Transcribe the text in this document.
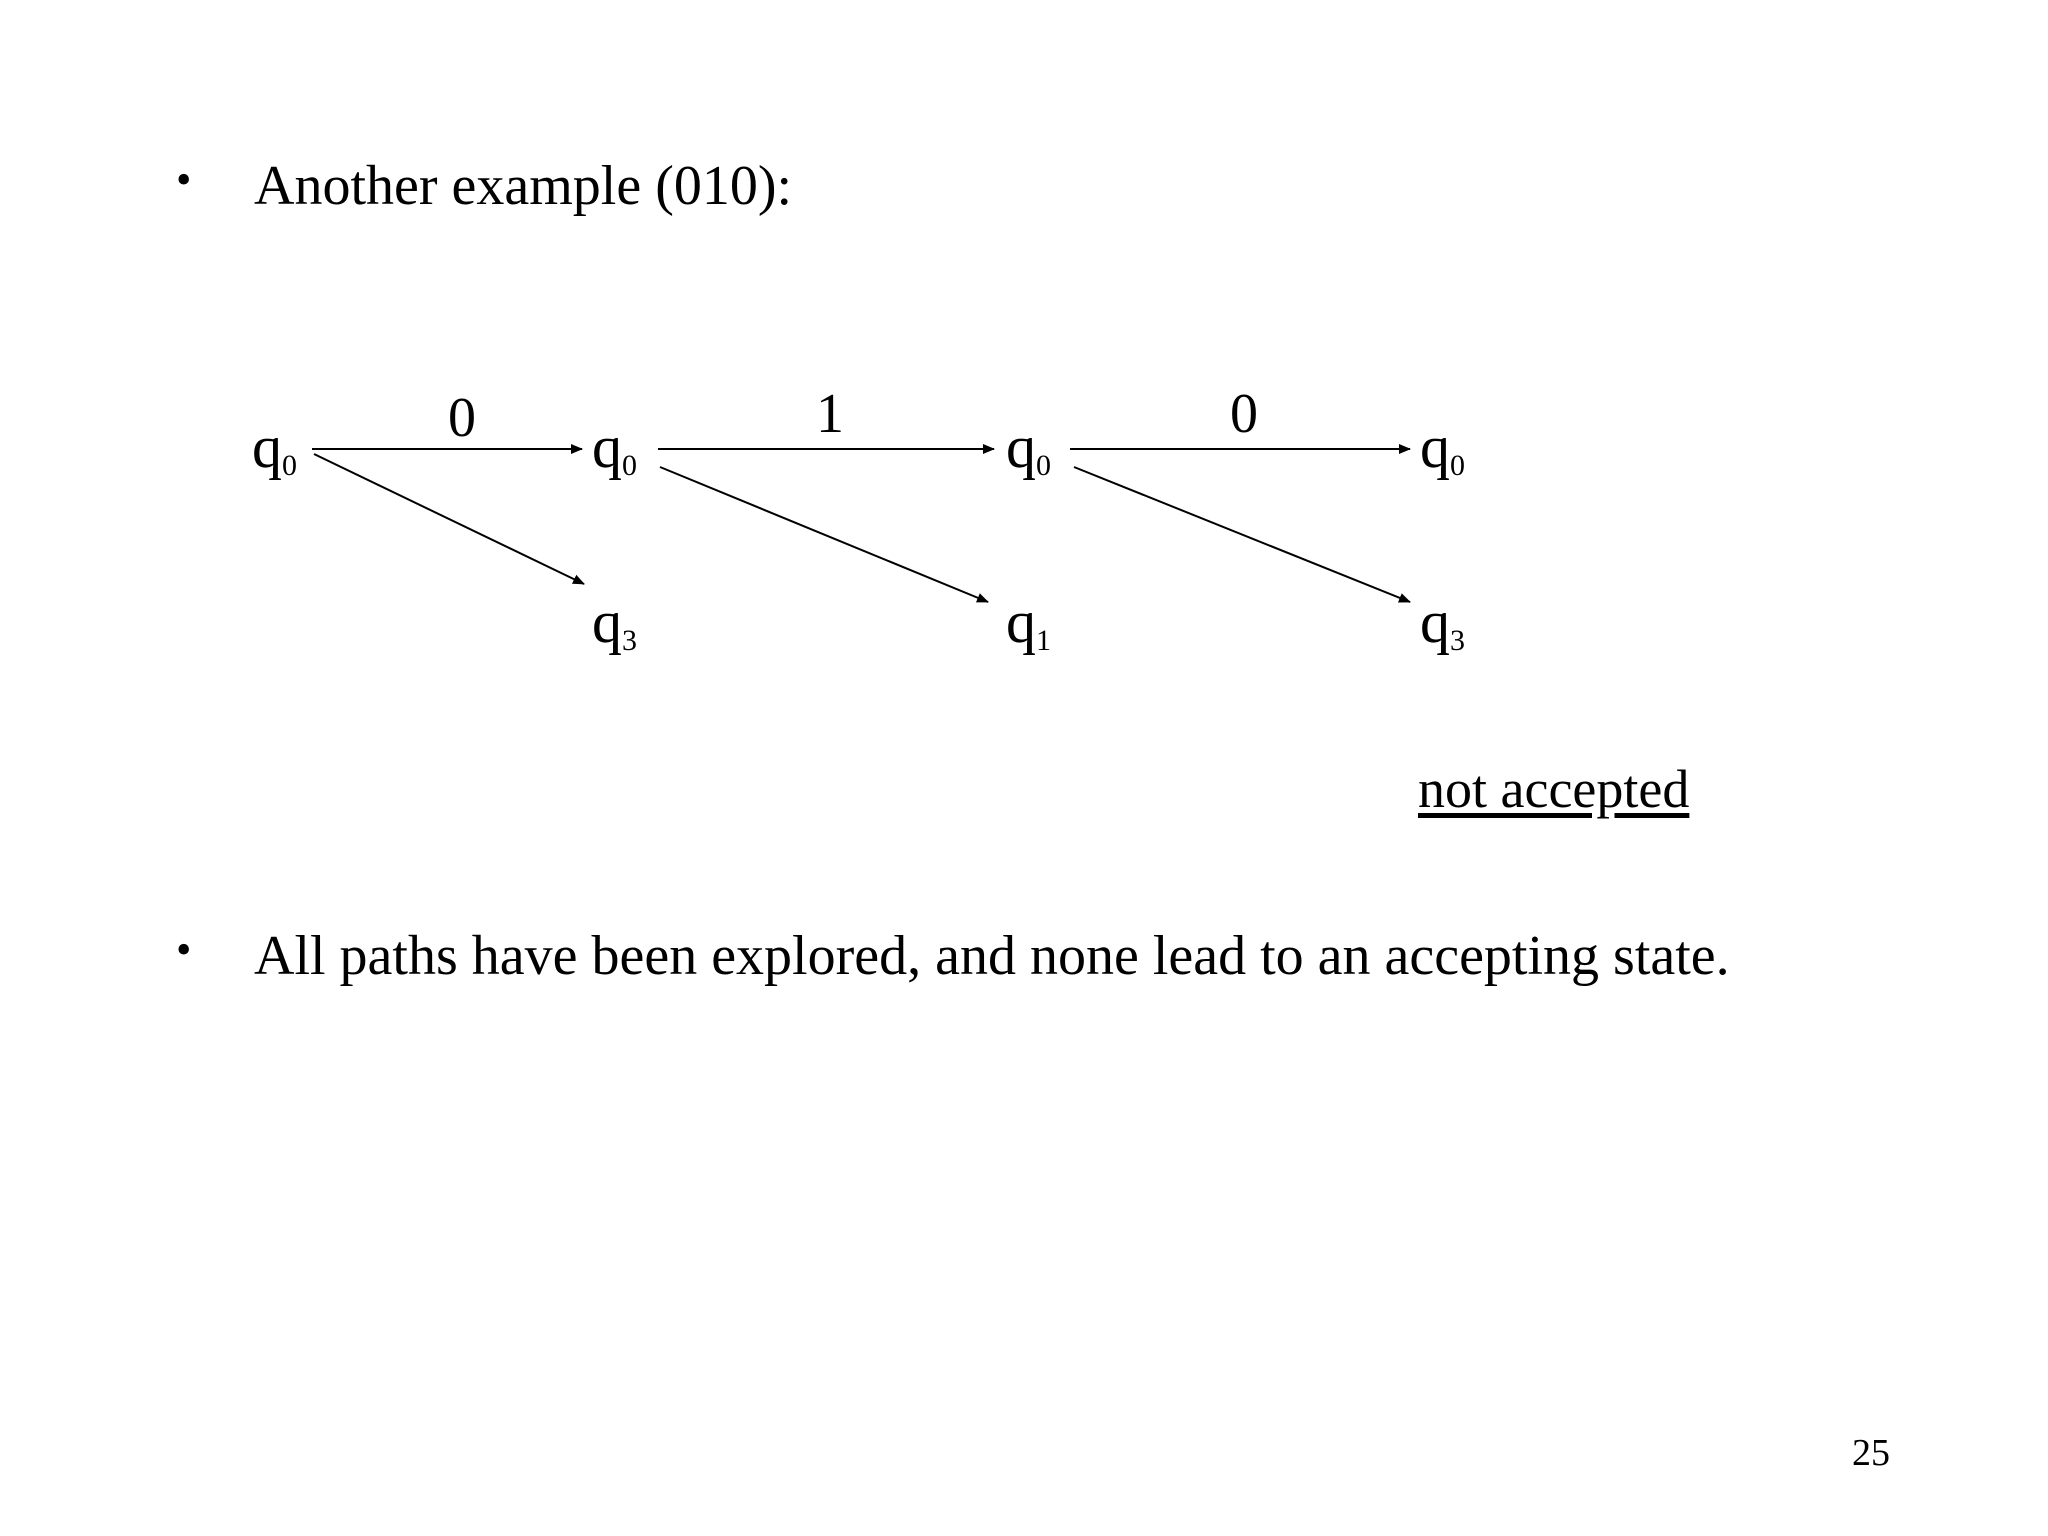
• Another example (010):
$q_0$	$q_0$
$q_3$
$q_0$
$q_1$
$q_0$
$q_3$
0	1	0
not accepted
• All paths have been explored, and none lead to an accepting state.
25
